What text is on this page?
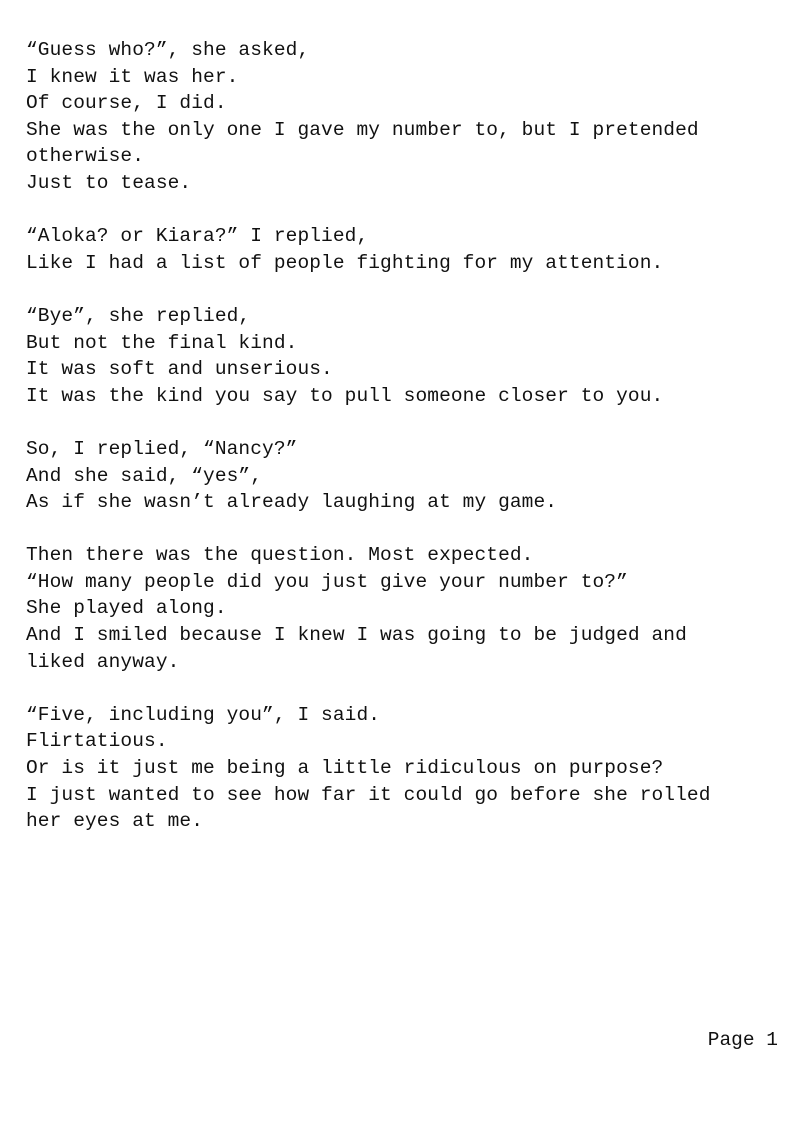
“Guess who?”, she asked,
I knew it was her.
Of course, I did.
She was the only one I gave my number to, but I pretended
otherwise.
Just to tease.
“Aloka? or Kiara?” I replied,
Like I had a list of people fighting for my attention.
“Bye”, she replied,
But not the final kind.
It was soft and unserious.
It was the kind you say to pull someone closer to you.
So, I replied, “Nancy?”
And she said, “yes”,
As if she wasn’t already laughing at my game.
Then there was the question. Most expected.
“How many people did you just give your number to?”
She played along.
And I smiled because I knew I was going to be judged and
liked anyway.
“Five, including you”, I said.
Flirtatious.
Or is it just me being a little ridiculous on purpose?
I just wanted to see how far it could go before she rolled
her eyes at me.
Page 1
